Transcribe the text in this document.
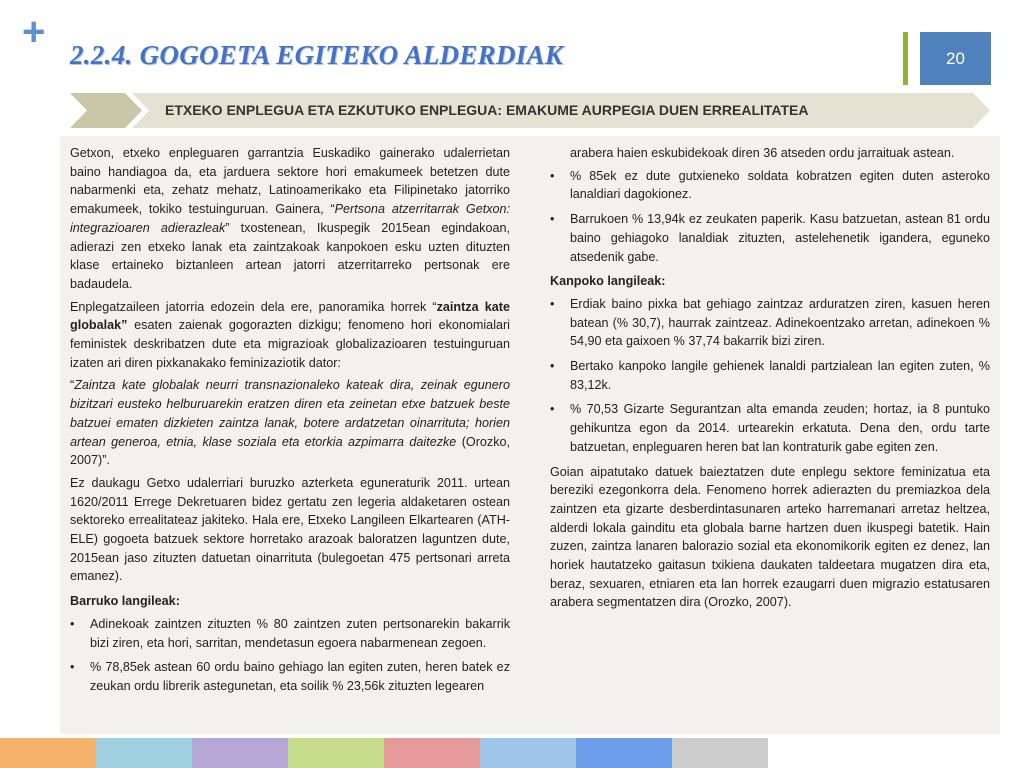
+
2.2.4. GOGOETA EGITEKO ALDERDIAK	20
ETXEKO ENPLEGUA ETA EZKUTUKO ENPLEGUA: EMAKUME AURPEGIA DUEN ERREALITATEA

Getxon, etxeko enpleguaren garrantzia Euskadiko gainerako udalerrietan baino handiagoa da, eta jarduera sektore hori emakumeek betetzen dute nabarmenki eta, zehatz mehatz, Latinoamerikako eta Filipinetako jatorriko emakumeek, tokiko testuinguruan. Gainera, “Pertsona atzerritarrak Getxon: integrazioaren adierazleak” txostenean, Ikuspegik 2015ean egindakoan, adierazi zen etxeko lanak eta zaintzakoak kanpokoen esku uzten dituzten klase ertaineko biztanleen artean jatorri atzerritarreko pertsonak ere badaudela.

Enplegatzaileen jatorria edozein dela ere, panoramika horrek “zaintza kate globalak” esaten zaienak gogorazten dizkigu; fenomeno hori ekonomialari feministek deskribatzen dute eta migrazioak globalizazioaren testuinguruan izaten ari diren pixkanakako feminizaziotik dator:

“Zaintza kate globalak neurri transnazionaleko kateak dira, zeinak egunero bizitzari eusteko helburuarekin eratzen diren eta zeinetan etxe batzuek beste batzuei ematen dizkieten zaintza lanak, botere ardatzetan oinarrituta; horien artean generoa, etnia, klase soziala eta etorkia azpimarra daitezke (Orozko, 2007)”.

Ez daukagu Getxo udalerriari buruzko azterketa eguneraturik 2011. urtean 1620/2011 Errege Dekretuaren bidez gertatu zen legeria aldaketaren ostean sektoreko errealitateaz jakiteko. Hala ere, Etxeko Langileen Elkartearen (ATH-ELE) gogoeta batzuek sektore horretako arazoak baloratzen laguntzen dute, 2015ean jaso zituzten datuetan oinarrituta (bulegoetan 475 pertsonari arreta emanez).

Barruko langileak:

• Adinekoak zaintzen zituzten % 80 zaintzen zuten pertsonarekin bakarrik bizi ziren, eta hori, sarritan, mendetasun egoera nabarmenean zegoen.
• % 78,85ek astean 60 ordu baino gehiago lan egiten zuten, heren batek ez zeukan ordu librerik astegunetan, eta soilik % 23,56k zituzten legearen

arabera haien eskubidekoak diren 36 atseden ordu jarraituak astean.

• % 85ek ez dute gutxieneko soldata kobratzen egiten duten asteroko lanaldiari dagokionez.
• Barrukoen % 13,94k ez zeukaten paperik. Kasu batzuetan, astean 81 ordu baino gehiagoko lanaldiak zituzten, astelehenetik igandera, eguneko atsedenik gabe.

Kanpoko langileak:

• Erdiak baino pixka bat gehiago zaintzaz arduratzen ziren, kasuen heren batean (% 30,7), haurrak zaintzeaz. Adinekoentzako arretan, adinekoen % 54,90 eta gaixoen % 37,74 bakarrik bizi ziren.
• Bertako kanpoko langile gehienek lanaldi partzialean lan egiten zuten, % 83,12k.
• % 70,53 Gizarte Segurantzan alta emanda zeuden; hortaz, ia 8 puntuko gehikuntza egon da 2014. urtearekin erkatuta. Dena den, ordu tarte batzuetan, enpleguaren heren bat lan kontraturik gabe egiten zen.

Goian aipatutako datuek baieztatzen dute enplegu sektore feminizatua eta bereziki ezegonkorra dela. Fenomeno horrek adierazten du premiazkoa dela zaintzen eta gizarte desberdintasunaren arteko harremanari arretaz heltzea, alderdi lokala gainditu eta globala barne hartzen duen ikuspegi batetik. Hain zuzen, zaintza lanaren balorazio sozial eta ekonomikorik egiten ez denez, lan horiek hautatzeko gaitasun txikiena daukaten taldeetara mugatzen dira eta, beraz, sexuaren, etniaren eta lan horrek ezaugarri duen migrazio estatusaren arabera segmentatzen dira (Orozko, 2007).
